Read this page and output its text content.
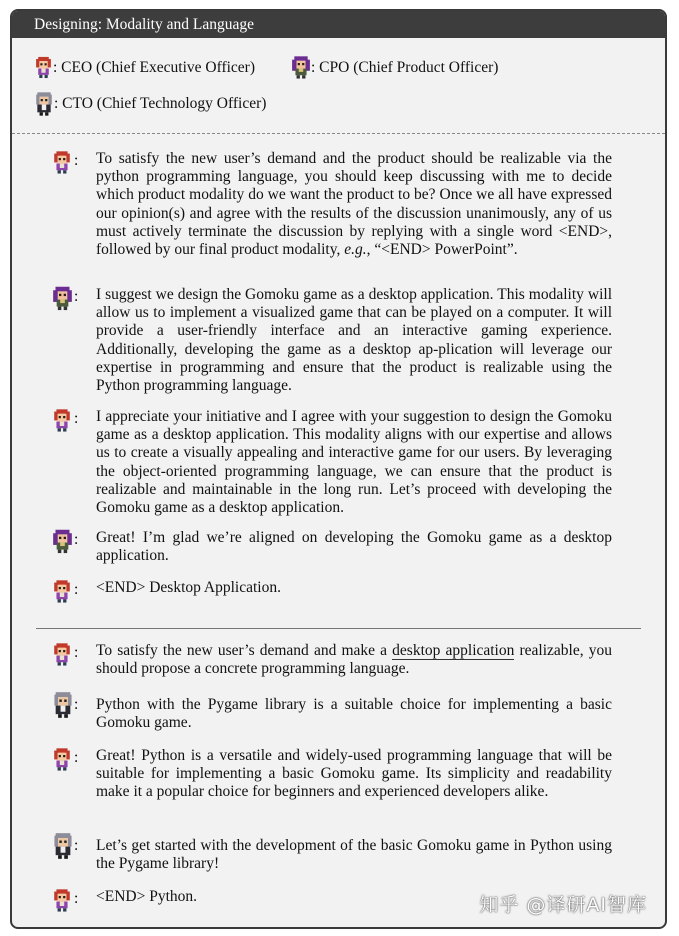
Designing: Modality and Language
: CEO (Chief Executive Officer)	: CPO (Chief Product Officer)
: CTO (Chief Technology Officer)
: To satisfy the new user’s demand and the product should be realizable via the python programming language, you should keep discussing with me to decide which product modality do we want the product to be? Once we all have expressed our opinion(s) and agree with the results of the discussion unanimously, any of us must actively terminate the discussion by replying with a single word <END>, followed by our final product modality, e.g., “<END> PowerPoint”.
: I suggest we design the Gomoku game as a desktop application. This modality will allow us to implement a visualized game that can be played on a computer. It will provide a user-friendly interface and an interactive gaming experience. Additionally, developing the game as a desktop ap-plication will leverage our expertise in programming and ensure that the product is realizable using the Python programming language.
: I appreciate your initiative and I agree with your suggestion to design the Gomoku game as a desktop application. This modality aligns with our expertise and allows us to create a visually appealing and interactive game for our users. By leveraging the object-oriented programming language, we can ensure that the product is realizable and maintainable in the long run. Let’s proceed with developing the Gomoku game as a desktop application.
: Great! I’m glad we’re aligned on developing the Gomoku game as a desktop application.
: <END> Desktop Application.
: To satisfy the new user’s demand and make a desktop application realizable, you should propose a concrete programming language.
: Python with the Pygame library is a suitable choice for implementing a basic Gomoku game.
: Great! Python is a versatile and widely-used programming language that will be suitable for implementing a basic Gomoku game. Its simplicity and readability make it a popular choice for beginners and experienced developers alike.
: Let’s get started with the development of the basic Gomoku game in Python using the Pygame library!
: <END> Python.	知乎 @译研AI智库
